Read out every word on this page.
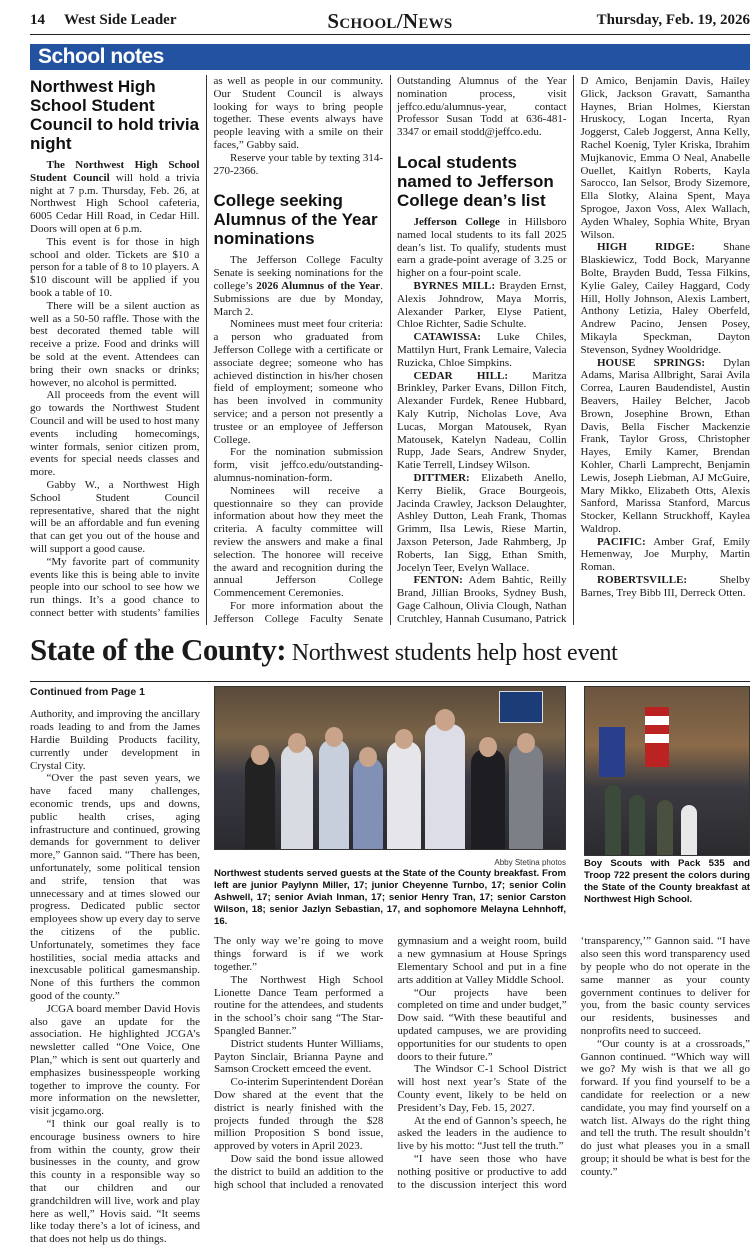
14 West Side Leader	School/News	Thursday, Feb. 19, 2026
School notes
Northwest High School Student Council to hold trivia night

The Northwest High School Student Council will hold a trivia night at 7 p.m. Thursday, Feb. 26, at Northwest High School cafeteria, 6005 Cedar Hill Road, in Cedar Hill. Doors will open at 6 p.m.

This event is for those in high school and older. Tickets are $10 a person for a table of 8 to 10 players. A $10 discount will be applied if you book a table of 10.

There will be a silent auction as well as a 50-50 raffle. Those with the best decorated themed table will receive a prize. Food and drinks will be sold at the event. Attendees can bring their own snacks or drinks; however, no alcohol is permitted.

All proceeds from the event will go towards the Northwest Student Council and will be used to host many events including homecomings, winter formals, senior citizen prom, events for special needs classes and more.

Gabby W., a Northwest High School Student Council representative, shared that the night will be an affordable and fun evening that can get you out of the house and will support a good cause.

“My favorite part of community events like this is being able to invite people into our school to see how we run things. It’s a good chance to connect better with students’ families as well as people in our community. Our Student Council is always looking for ways to bring people together. These events always have people leaving with a smile on their faces,” Gabby said.

Reserve your table by texting 314-270-2366.

College seeking Alumnus of the Year nominations

The Jefferson College Faculty Senate is seeking nominations for the college’s 2026 Alumnus of the Year. Submissions are due by Monday, March 2.

Nominees must meet four criteria: a person who graduated from Jefferson College with a certificate or associate degree; someone who has achieved distinction in his/her chosen field of employment; someone who has been involved in community service; and a person not presently a trustee or an employee of Jefferson College.

For the nomination submission form, visit jeffco.edu/outstanding-alumnus-nomination-form.

Nominees will receive a questionnaire so they can provide information about how they meet the criteria. A faculty committee will review the answers and make a final selection. The honoree will receive the award and recognition during the annual Jefferson College Commencement Ceremonies.

For more information about the Jefferson College Faculty Senate Outstanding Alumnus of the Year nomination process, visit jeffco.edu/alumnus-year, contact Professor Susan Todd at 636-481-3347 or email stodd@jeffco.edu.

Local students named to Jefferson College dean’s list

Jefferson College in Hillsboro named local students to its fall 2025 dean’s list. To qualify, students must earn a grade-point average of 3.25 or higher on a four-point scale.

BYRNES MILL: Brayden Ernst, Alexis Johndrow, Maya Morris, Alexander Parker, Elyse Patient, Chloe Richter, Sadie Schulte.

CATAWISSA: Luke Chiles, Mattilyn Hurt, Frank Lemaire, Valecia Ruzicka, Chloe Simpkins.

CEDAR HILL: Maritza Brinkley, Parker Evans, Dillon Fitch, Alexander Furdek, Renee Hubbard, Kaly Kutrip, Nicholas Love, Ava Lucas, Morgan Matousek, Ryan Matousek, Katelyn Nadeau, Collin Rupp, Jade Sears, Andrew Snyder, Katie Terrell, Lindsey Wilson.

DITTMER: Elizabeth Anello, Kerry Bielik, Grace Bourgeois, Jacinda Crawley, Jackson Delaughter, Ashley Dutton, Leah Frank, Thomas Grimm, Ilsa Lewis, Riese Martin, Jaxson Peterson, Jade Rahmberg, Jp Roberts, Ian Sigg, Ethan Smith, Jocelyn Teer, Evelyn Wallace.

FENTON: Adem Bahtic, Reilly Brand, Jillian Brooks, Sydney Bush, Gage Calhoun, Olivia Clough, Nathan Crutchley, Hannah Cusumano, Patrick D Amico, Benjamin Davis, Hailey Glick, Jackson Gravatt, Samantha Haynes, Brian Holmes, Kierstan Hruskocy, Logan Incerta, Ryan Joggerst, Caleb Joggerst, Anna Kelly, Rachel Koenig, Tyler Kriska, Ibrahim Mujkanovic, Emma O Neal, Anabelle Ouellet, Kaitlyn Roberts, Kayla Sarocco, Ian Selsor, Brody Sizemore, Ella Slotky, Alaina Spent, Maya Sprogoe, Jaxon Voss, Alex Wallach, Ayden Whaley, Sophia White, Bryan Wilson.

HIGH RIDGE: Shane Blaskiewicz, Todd Bock, Maryanne Bolte, Brayden Budd, Tessa Filkins, Kylie Galey, Cailey Haggard, Cody Hill, Holly Johnson, Alexis Lambert, Anthony Letizia, Haley Oberfeld, Andrew Pacino, Jensen Posey, Mikayla Speckman, Dayton Stevenson, Sydney Wooldridge.

HOUSE SPRINGS: Dylan Adams, Marisa Allbright, Sarai Avila Correa, Lauren Baudendistel, Austin Beavers, Hailey Belcher, Jacob Brown, Josephine Brown, Ethan Davis, Bella Fischer Mackenzie Frank, Taylor Gross, Christopher Hayes, Emily Kamer, Brendan Kohler, Charli Lamprecht, Benjamin Lewis, Joseph Liebman, AJ McGuire, Mary Mikko, Elizabeth Otts, Alexis Sanford, Marissa Stanford, Marcus Stocker, Kellann Struckhoff, Kaylea Waldrop.

PACIFIC: Amber Graf, Emily Hemenway, Joe Murphy, Martin Roman.

ROBERTSVILLE: Shelby Barnes, Trey Bibb III, Derreck Otten.

State of the County: Northwest students help host event
Continued from Page 1

Authority, and improving the ancillary roads leading to and from the James Hardie Building Products facility, currently under development in Crystal City.

“Over the past seven years, we have faced many challenges, economic trends, ups and downs, public health crises, aging infrastructure and continued, growing demands for government to deliver more,” Gannon said. “There has been, unfortunately, some political tension and strife, tension that was unnecessary and at times slowed our progress. Dedicated public sector employees show up every day to serve the citizens of the public. Unfortunately, sometimes they face hostilities, social media attacks and inexcusable political gamesmanship. None of this furthers the common good of the county.”

JCGA board member David Hovis also gave an update for the association. He highlighted JCGA’s newsletter called “One Voice, One Plan,” which is sent out quarterly and emphasizes businesspeople working together to improve the county. For more information on the newsletter, visit jcgamo.org.

“I think our goal really is to encourage business owners to hire from within the county, grow their businesses in the county, and grow this county in a responsible way so that our children and our grandchildren will live, work and play here as well,” Hovis said. “It seems like today there’s a lot of iciness, and that does not help us do things.

Abby Stetina photos
Northwest students served guests at the State of the County breakfast. From left are junior Paylynn Miller, 17; junior Cheyenne Turnbo, 17; senior Colin Ashwell, 17; senior Aviah Inman, 17; senior Henry Tran, 17; senior Carston Wilson, 18; senior Jazlyn Sebastian, 17, and sophomore Melayna Lehnhoff, 16.
Boy Scouts with Pack 535 and Troop 722 present the colors during the State of the County breakfast at Northwest High School.

The only way we’re going to move things forward is if we work together.”

The Northwest High School Lionette Dance Team performed a routine for the attendees, and students in the school’s choir sang “The Star-Spangled Banner.”

District students Hunter Williams, Payton Sinclair, Brianna Payne and Samson Crockett emceed the event.

Co-interim Superintendent Doréan Dow shared at the event that the district is nearly finished with the projects funded through the $28 million Proposition S bond issue, approved by voters in April 2023.

Dow said the bond issue allowed the district to build an addition to the high school that included a renovated gymnasium and a weight room, build a new gymnasium at House Springs Elementary School and put in a fine arts addition at Valley Middle School.

“Our projects have been completed on time and under budget,” Dow said. “With these beautiful and updated campuses, we are providing opportunities for our students to open doors to their future.”

The Windsor C-1 School District will host next year’s State of the County event, likely to be held on President’s Day, Feb. 15, 2027.

At the end of Gannon’s speech, he asked the leaders in the audience to live by his motto: “Just tell the truth.”

“I have seen those who have nothing positive or productive to add to the discussion interject this word ‘transparency,’” Gannon said. “I have also seen this word transparency used by people who do not operate in the same manner as your county government continues to deliver for you, from the basic county services our residents, businesses and nonprofits need to succeed.

“Our county is at a crossroads,” Gannon continued. “Which way will we go? My wish is that we all go forward. If you find yourself to be a candidate for reelection or a new candidate, you may find yourself on a watch list. Always do the right thing and tell the truth. The result shouldn’t do just what pleases you in a small group; it should be what is best for the county.”
